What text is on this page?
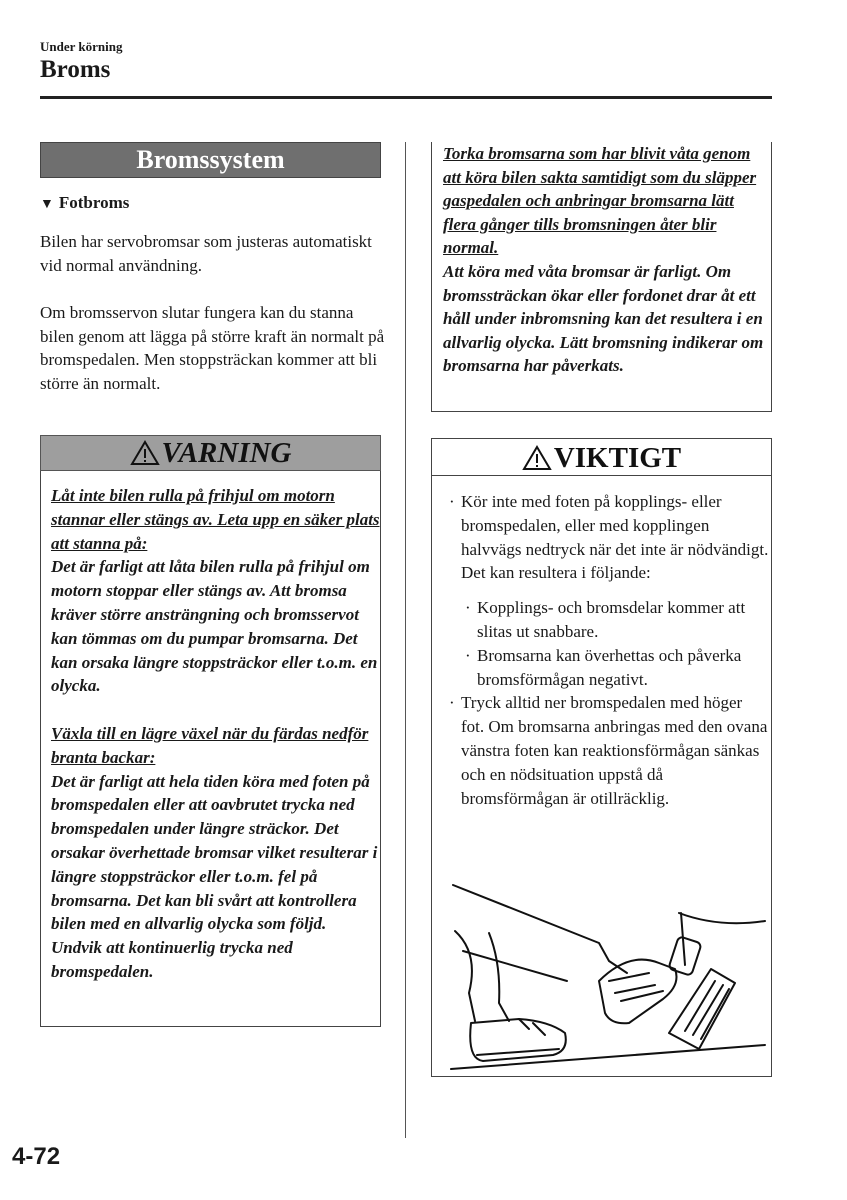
Under körning
Broms
Bromssystem
▼ Fotbroms
Bilen har servobromsar som justeras automatiskt vid normal användning.
Om bromsservon slutar fungera kan du stanna bilen genom att lägga på större kraft än normalt på bromspedalen. Men stoppsträckan kommer att bli större än normalt.
VARNING
Låt inte bilen rulla på frihjul om motorn stannar eller stängs av. Leta upp en säker plats att stanna på:
Det är farligt att låta bilen rulla på frihjul om motorn stoppar eller stängs av. Att bromsa kräver större ansträngning och bromsservot kan tömmas om du pumpar bromsarna. Det kan orsaka längre stoppsträckor eller t.o.m. en olycka.
Växla till en lägre växel när du färdas nedför branta backar:
Det är farligt att hela tiden köra med foten på bromspedalen eller att oavbrutet trycka ned bromspedalen under längre sträckor. Det orsakar överhettade bromsar vilket resulterar i längre stoppsträckor eller t.o.m. fel på bromsarna. Det kan bli svårt att kontrollera bilen med en allvarlig olycka som följd. Undvik att kontinuerlig trycka ned bromspedalen.
Torka bromsarna som har blivit våta genom att köra bilen sakta samtidigt som du släpper gaspedalen och anbringar bromsarna lätt flera gånger tills bromsningen åter blir normal.
Att köra med våta bromsar är farligt. Om bromssträckan ökar eller fordonet drar åt ett håll under inbromsning kan det resultera i en allvarlig olycka. Lätt bromsning indikerar om bromsarna har påverkats.
VIKTIGT
· Kör inte med foten på kopplings- eller bromspedalen, eller med kopplingen halvvägs nedtryck när det inte är nödvändigt. Det kan resultera i följande:
· Kopplings- och bromsdelar kommer att slitas ut snabbare.
· Bromsarna kan överhettas och påverka bromsförmågan negativt.
· Tryck alltid ner bromspedalen med höger fot. Om bromsarna anbringas med den ovana vänstra foten kan reaktionsförmågan sänkas och en nödsituation uppstå då bromsförmågan är otillräcklig.
4-72
